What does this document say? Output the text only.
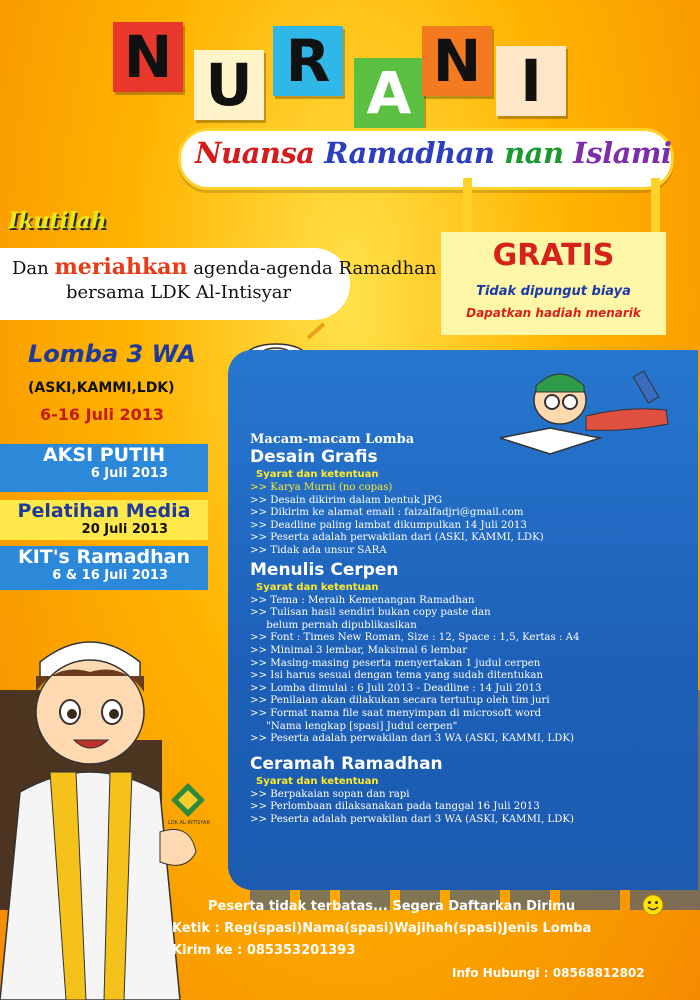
N U R A N I
Nuansa Ramadhan nan Islami
GRATIS
Tidak dipungut biaya
Dapatkan hadiah menarik
Ikutilah
Dan meriahkan agenda-agenda Ramadhan
bersama LDK Al-Intisyar
Lomba 3 WA
(ASKI,KAMMI,LDK)
6-16 Juli 2013
AKSI PUTIH
6 Juli 2013
Pelatihan Media
20 Juli 2013
KIT's Ramadhan
6 & 16 Juli 2013
Macam-macam Lomba
Desain Grafis
Syarat dan ketentuan
>> Karya Murni (no copas)
>> Desain dikirim dalam bentuk JPG
>> Dikirim ke alamat email : faizalfadjri@gmail.com
>> Deadline paling lambat dikumpulkan 14 Juli 2013
>> Peserta adalah perwakilan dari (ASKI, KAMMI, LDK)
>> Tidak ada unsur SARA
Menulis Cerpen
Syarat dan ketentuan
>> Tema : Meraih Kemenangan Ramadhan
>> Tulisan hasil sendiri bukan copy paste dan
belum pernah dipublikasikan
>> Font : Times New Roman, Size : 12, Space : 1,5, Kertas : A4
>> Minimal 3 lembar, Maksimal 6 lembar
>> Masing-masing peserta menyertakan 1 judul cerpen
>> Isi harus sesuai dengan tema yang sudah ditentukan
>> Lomba dimulai : 6 Juli 2013 - Deadline : 14 Juli 2013
>> Penilaian akan dilakukan secara tertutup oleh tim juri
>> Format nama file saat menyimpan di microsoft word
"Nama lengkap [spasi] Judul cerpen"
>> Peserta adalah perwakilan dari 3 WA (ASKI, KAMMI, LDK)
Ceramah Ramadhan
Syarat dan ketentuan
>> Berpakaian sopan dan rapi
>> Perlombaan dilaksanakan pada tanggal 16 Juli 2013
>> Peserta adalah perwakilan dari 3 WA (ASKI, KAMMI, LDK)
LDK AL-INTISYAR
Peserta tidak terbatas... Segera Daftarkan Dirimu
Ketik : Reg(spasi)Nama(spasi)Wajihah(spasi)Jenis Lomba
Kirim ke : 085353201393
Info Hubungi : 08568812802
